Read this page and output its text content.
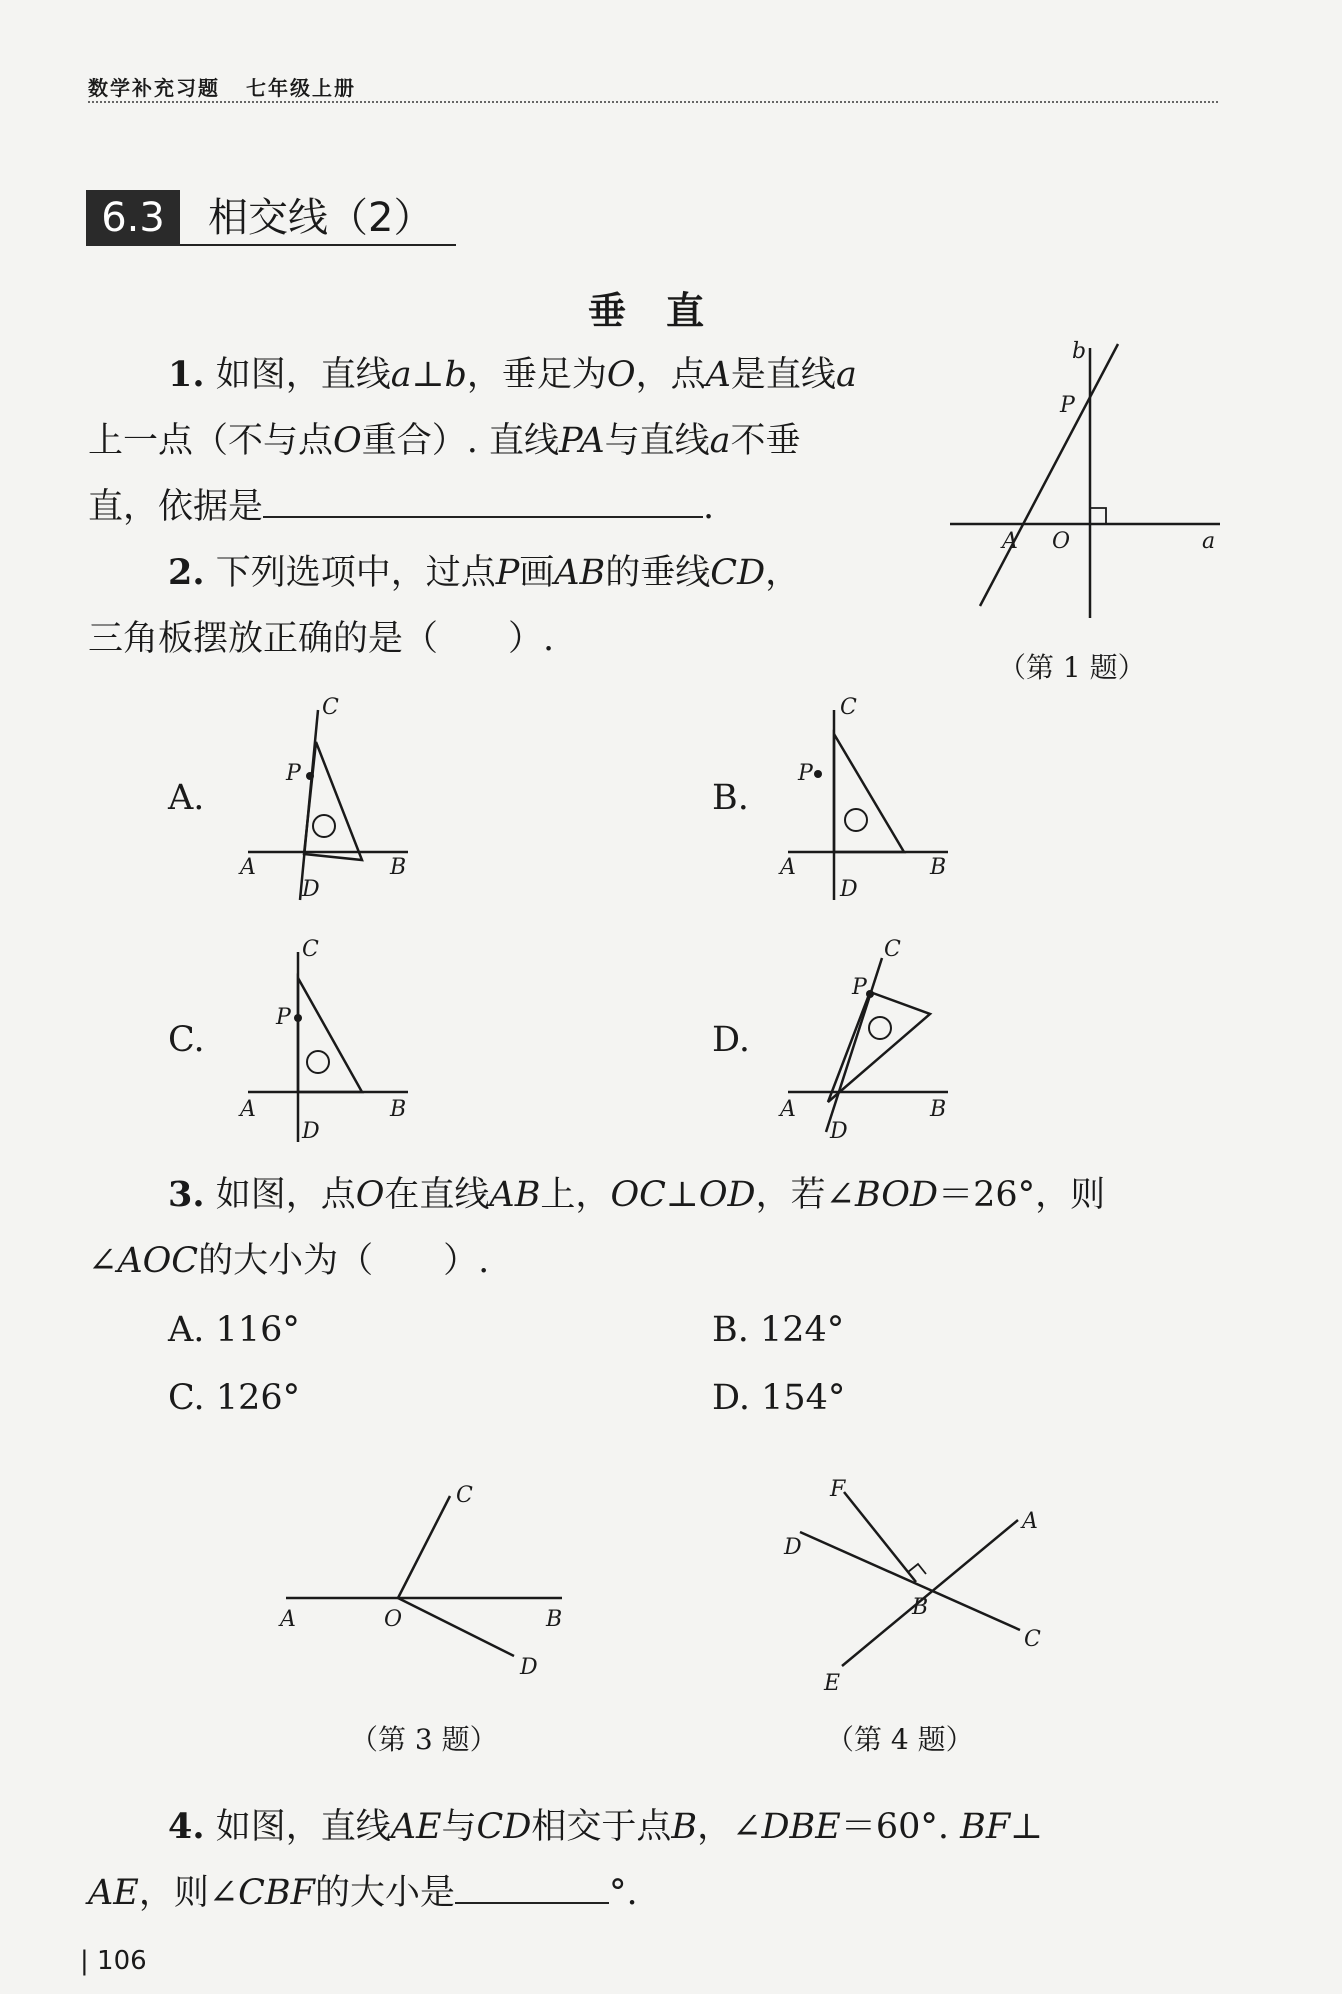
数学补充习题 七年级上册
6.3	相交线（2）
垂直
1. 如图，直线a⊥b，垂足为O，点A是直线a
上一点（不与点O重合）. 直线PA与直线a不垂
直，依据是	.
b
P
A O	a
（第 1 题）
2. 下列选项中，过点P画AB的垂线CD，
三角板摆放正确的是（　　）.
A.	B.
C.	D.
C
P
A	B
D
C
P
A	B
D
C
P
A	B
D
C
P
A	B
D
3. 如图，点O在直线AB上，OC⊥OD，若∠BOD＝26°，则
∠AOC的大小为（　　）.
A. 116°	B. 124°
C. 126°	D. 154°
C
A	O	B
D
（第 3 题）
F
A
D
B
C
E
（第 4 题）
4. 如图，直线AE与CD相交于点B，∠DBE＝60°. BF⊥
AE，则∠CBF的大小是	°.
| 106
